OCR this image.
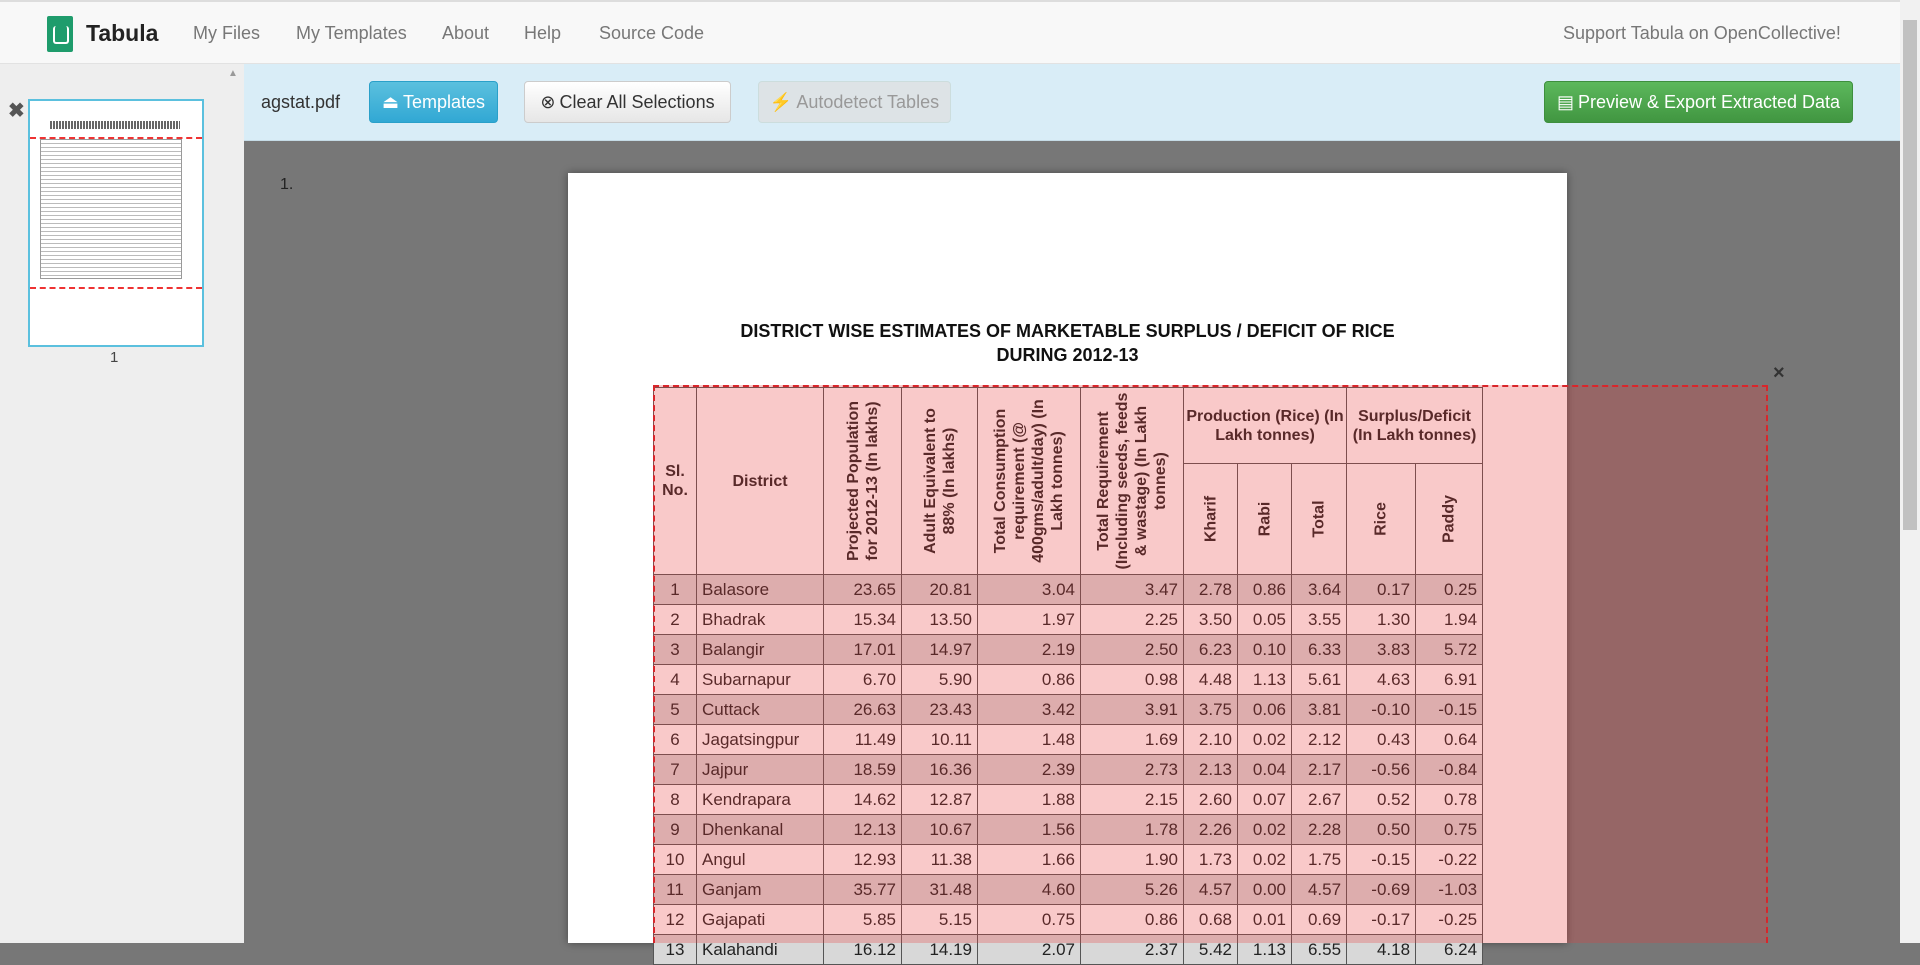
Tabula My Files My Templates About Help Source Code	Support Tabula on OpenCollective!
▲
✖
1
agstat.pdf ⏏ Templates	⊗ Clear All Selections	⚡ Autodetect Tables	▤ Preview & Export Extracted Data
1.
DISTRICT WISE ESTIMATES OF MARKETABLE SURPLUS / DEFICIT OF RICE
DURING 2012-13
Sl. No.	District	Projected Population for 2012-13 (In lakhs)	Adult Equivalent to 88% (In lakhs)	Total Consumption requirement (@ 400gms/adult/day) (In Lakh tonnes)	Total Requirement (Including seeds, feeds & wastage) (In Lakh tonnes)	Production (Rice) (In Lakh tonnes)			Surplus/Deficit (In Lakh tonnes)	

						Kharif	Rabi	Total	Rice	Paddy

1	Balasore	23.65	20.81	3.04	3.47	2.78	0.86	3.64	0.17	0.25
2	Bhadrak	15.34	13.50	1.97	2.25	3.50	0.05	3.55	1.30	1.94
3	Balangir	17.01	14.97	2.19	2.50	6.23	0.10	6.33	3.83	5.72
4	Subarnapur	6.70	5.90	0.86	0.98	4.48	1.13	5.61	4.63	6.91
5	Cuttack	26.63	23.43	3.42	3.91	3.75	0.06	3.81	-0.10	-0.15
6	Jagatsingpur	11.49	10.11	1.48	1.69	2.10	0.02	2.12	0.43	0.64
7	Jajpur	18.59	16.36	2.39	2.73	2.13	0.04	2.17	-0.56	-0.84
8	Kendrapara	14.62	12.87	1.88	2.15	2.60	0.07	2.67	0.52	0.78
9	Dhenkanal	12.13	10.67	1.56	1.78	2.26	0.02	2.28	0.50	0.75
10	Angul	12.93	11.38	1.66	1.90	1.73	0.02	1.75	-0.15	-0.22
11	Ganjam	35.77	31.48	4.60	5.26	4.57	0.00	4.57	-0.69	-1.03
12	Gajapati	5.85	5.15	0.75	0.86	0.68	0.01	0.69	-0.17	-0.25
13	Kalahandi	16.12	14.19	2.07	2.37	5.42	1.13	6.55	4.18	6.24
×
